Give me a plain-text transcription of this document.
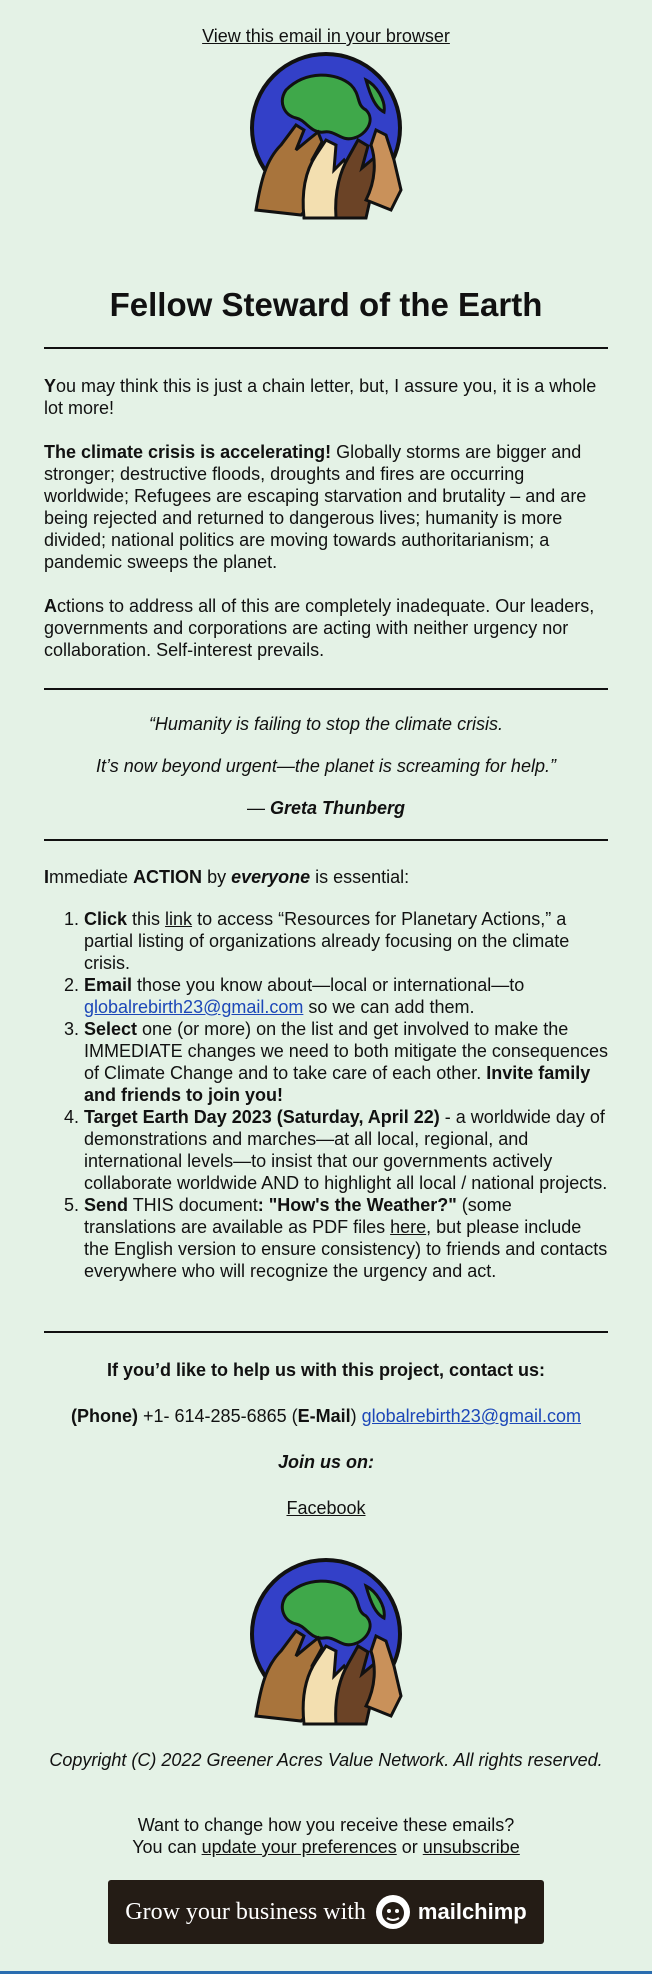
View this email in your browser
Fellow Steward of the Earth

You may think this is just a chain letter, but, I assure you, it is a whole lot more!

The climate crisis is accelerating! Globally storms are bigger and stronger; destructive floods, droughts and fires are occurring worldwide; Refugees are escaping starvation and brutality – and are being rejected and returned to dangerous lives; humanity is more divided; national politics are moving towards authoritarianism; a pandemic sweeps the planet.

Actions to address all of this are completely inadequate. Our leaders, governments and corporations are acting with neither urgency nor collaboration. Self-interest prevails.

“Humanity is failing to stop the climate crisis.

It’s now beyond urgent—the planet is screaming for help.”

— Greta Thunberg

Immediate ACTION by everyone is essential:

1. Click this link to access “Resources for Planetary Actions,” a partial listing of organizations already focusing on the climate crisis.
2. Email those you know about—local or international—to globalrebirth23@gmail.com so we can add them.
3. Select one (or more) on the list and get involved to make the IMMEDIATE changes we need to both mitigate the consequences of Climate Change and to take care of each other. Invite family and friends to join you!
4. Target Earth Day 2023 (Saturday, April 22) - a worldwide day of demonstrations and marches—at all local, regional, and international levels—to insist that our governments actively collaborate worldwide AND to highlight all local / national projects.
5. Send THIS document: "How's the Weather?" (some translations are available as PDF files here, but please include the English version to ensure consistency) to friends and contacts everywhere who will recognize the urgency and act.

If you’d like to help us with this project, contact us:

(Phone) +1- 614-285-6865 (E-Mail) globalrebirth23@gmail.com

Join us on:

Facebook

Copyright (C) 2022 Greener Acres Value Network. All rights reserved.

Want to change how you receive these emails?

You can update your preferences or unsubscribe

Grow your business with mailchimp
